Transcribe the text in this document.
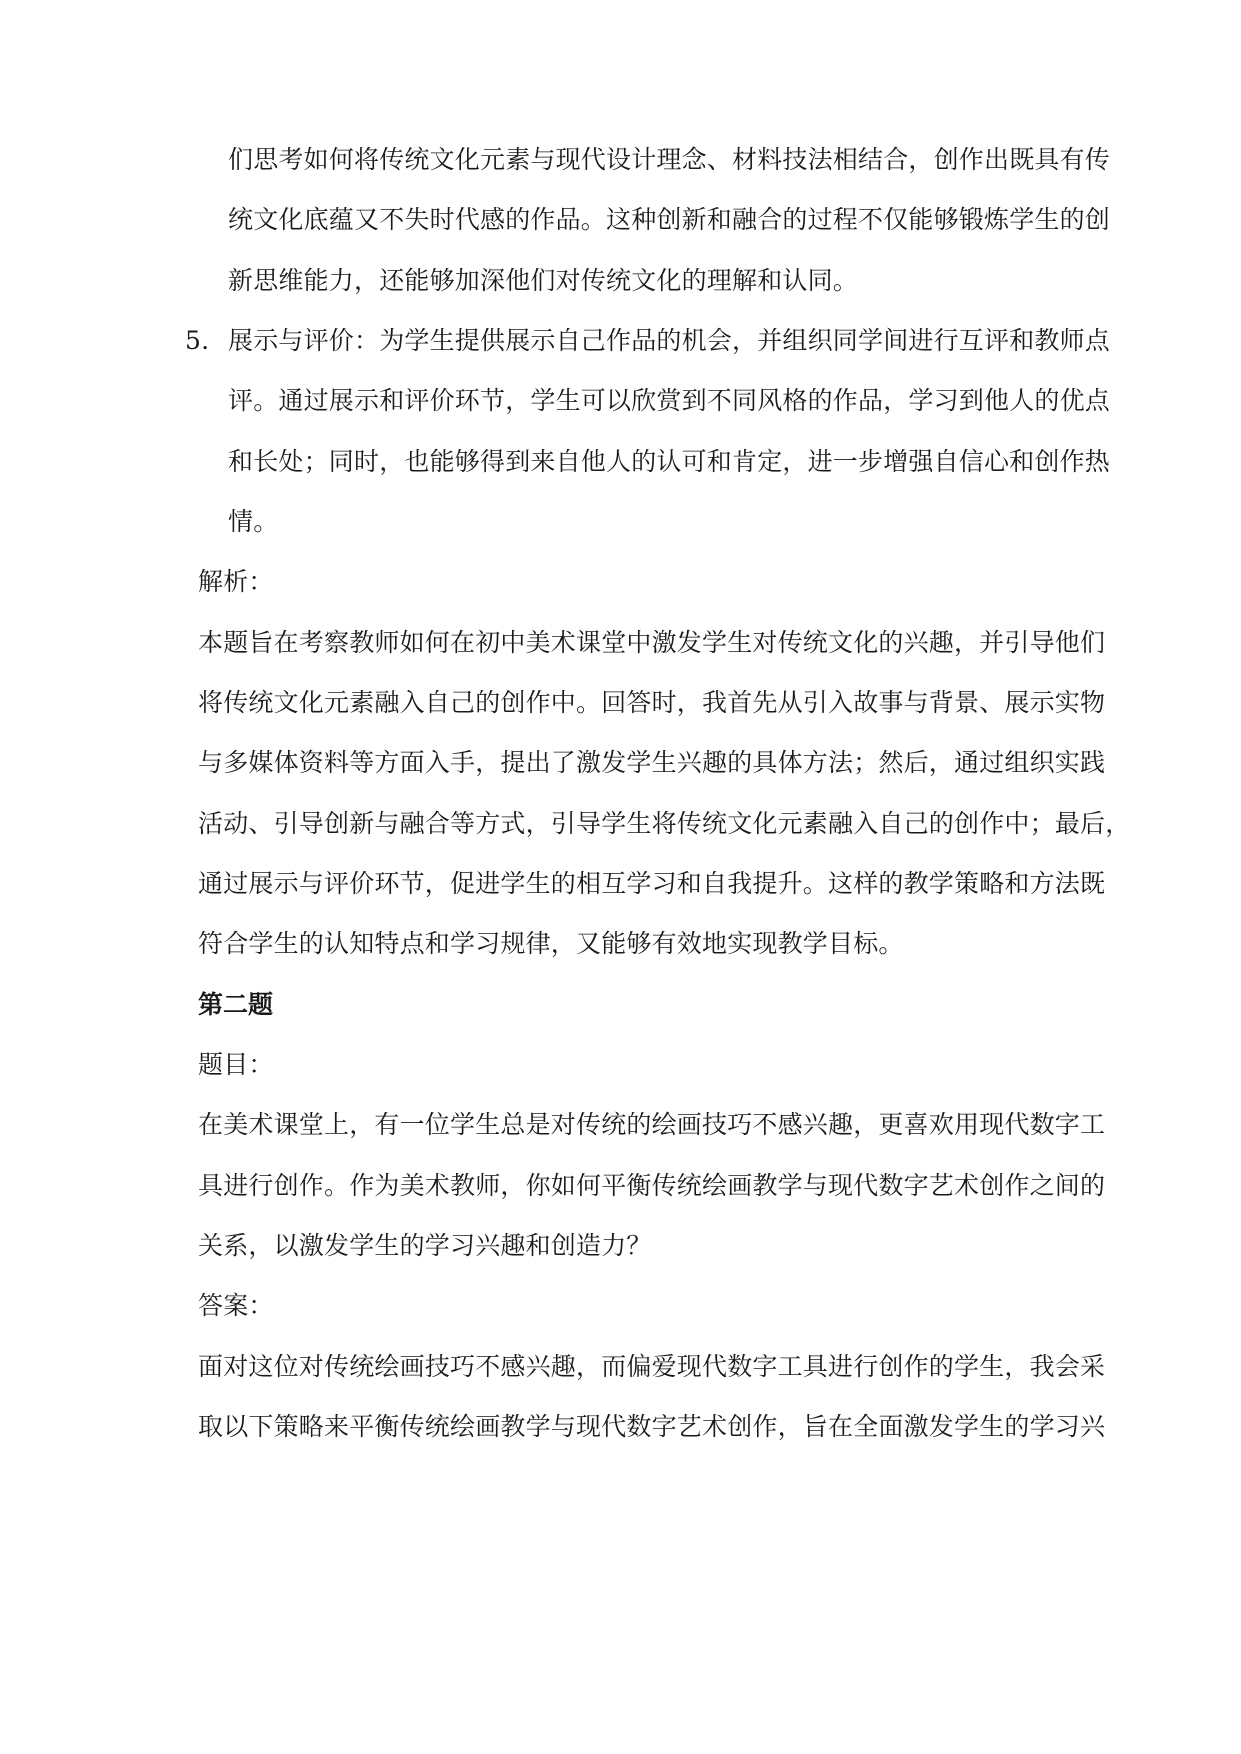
们思考如何将传统文化元素与现代设计理念、材料技法相结合，创作出既具有传
统文化底蕴又不失时代感的作品。这种创新和融合的过程不仅能够锻炼学生的创
新思维能力，还能够加深他们对传统文化的理解和认同。
5. 展示与评价：为学生提供展示自己作品的机会，并组织同学间进行互评和教师点
评。通过展示和评价环节，学生可以欣赏到不同风格的作品，学习到他人的优点
和长处；同时，也能够得到来自他人的认可和肯定，进一步增强自信心和创作热
情。
解析：
本题旨在考察教师如何在初中美术课堂中激发学生对传统文化的兴趣，并引导他们
将传统文化元素融入自己的创作中。回答时，我首先从引入故事与背景、展示实物
与多媒体资料等方面入手，提出了激发学生兴趣的具体方法；然后，通过组织实践
活动、引导创新与融合等方式，引导学生将传统文化元素融入自己的创作中；最后，
通过展示与评价环节，促进学生的相互学习和自我提升。这样的教学策略和方法既
符合学生的认知特点和学习规律，又能够有效地实现教学目标。
第二题
题目：
在美术课堂上，有一位学生总是对传统的绘画技巧不感兴趣，更喜欢用现代数字工
具进行创作。作为美术教师，你如何平衡传统绘画教学与现代数字艺术创作之间的
关系，以激发学生的学习兴趣和创造力？
答案：
面对这位对传统绘画技巧不感兴趣，而偏爱现代数字工具进行创作的学生，我会采
取以下策略来平衡传统绘画教学与现代数字艺术创作，旨在全面激发学生的学习兴
